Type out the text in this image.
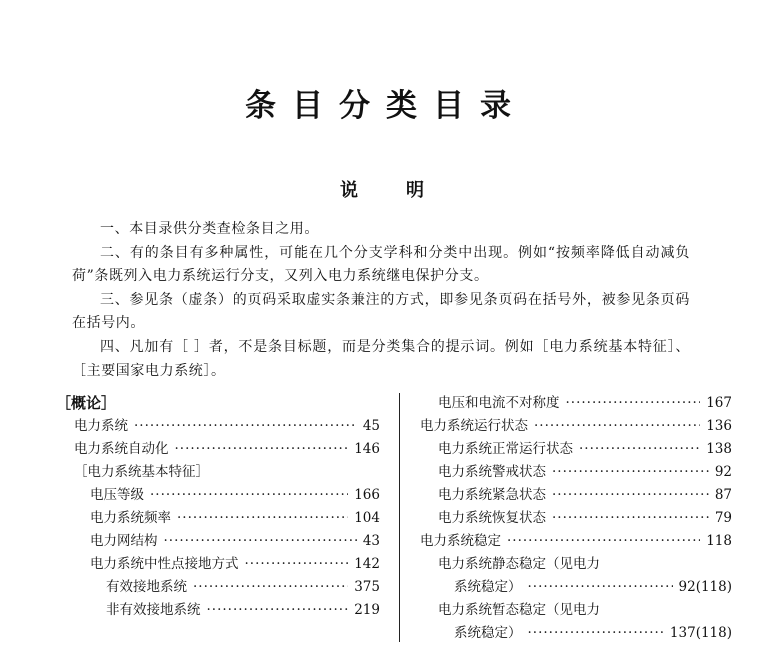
条目分类目录
说明

一、本目录供分类查检条目之用。

二、有的条目有多种属性，可能在几个分支学科和分类中出现。例如“按频率降低自动减负荷”条既列入电力系统运行分支，又列入电力系统继电保护分支。

三、参见条（虚条）的页码采取虚实条兼注的方式，即参见条页码在括号外，被参见条页码在括号内。

四、凡加有［ ］者，不是条目标题，而是分类集合的提示词。例如［电力系统基本特征］、［主要国家电力系统］。

［概论］
电力系统 ·····	45
电力系统自动化 ·····	146
［电力系统基本特征］
电压等级 ·····	166
电力系统频率 ·····	104
电力网结构 ·····	43
电力系统中性点接地方式 ·····	142
有效接地系统 ·····	375
非有效接地系统 ·····	219
电压和电流不对称度 ·····	167
电力系统运行状态 ·····	136
电力系统正常运行状态 ·····	138
电力系统警戒状态 ·····	92
电力系统紧急状态 ·····	87
电力系统恢复状态 ·····	79
电力系统稳定 ·····	118
电力系统静态稳定（见电力
系统稳定） ·····	92(118)
电力系统暂态稳定（见电力
系统稳定） ·····	137(118)
